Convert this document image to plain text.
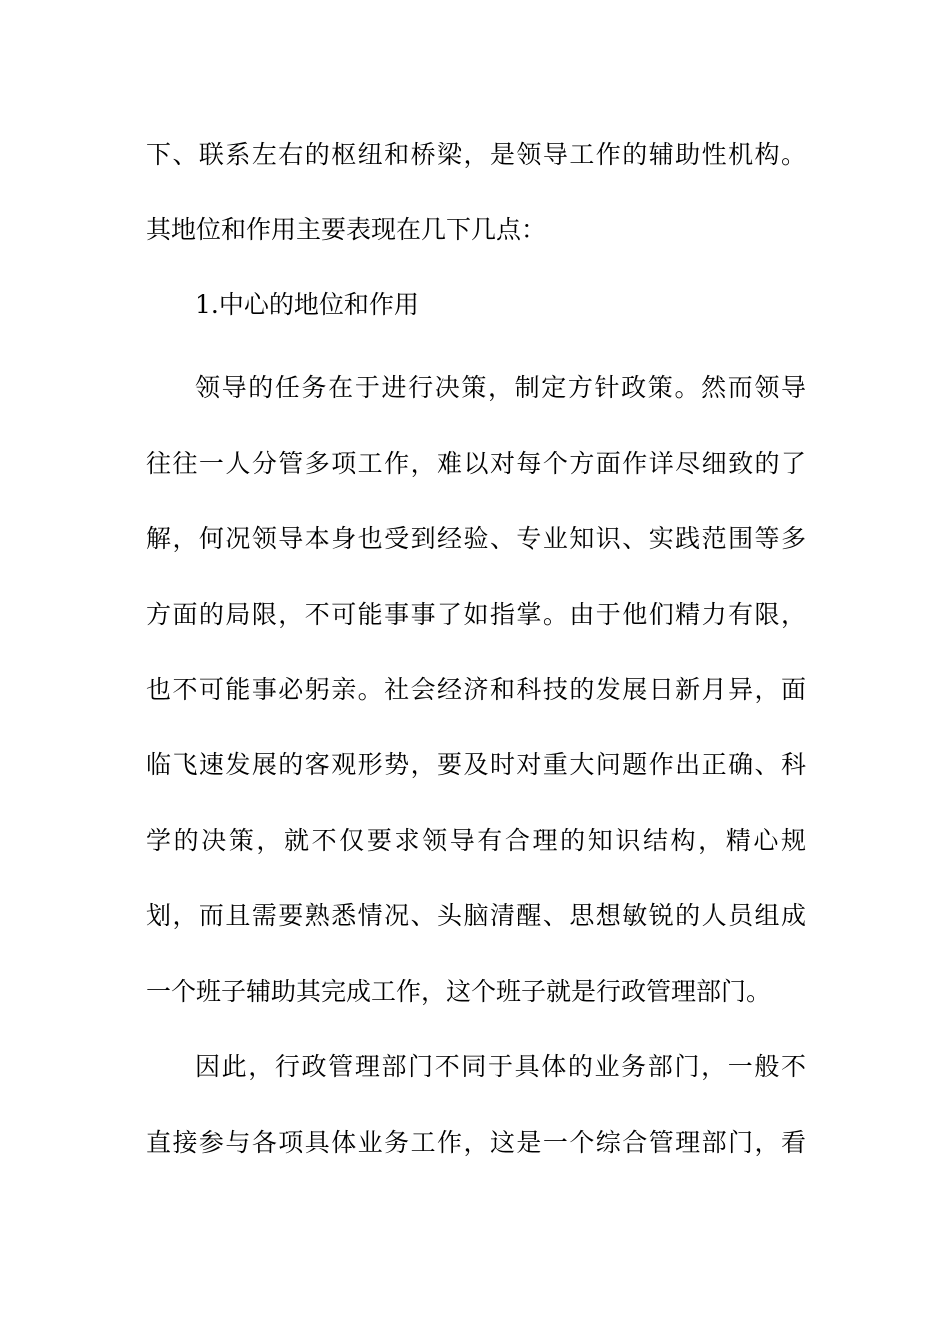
下、联系左右的枢纽和桥梁，是领导工作的辅助性机构。
其地位和作用主要表现在几下几点：
1.中心的地位和作用
领导的任务在于进行决策，制定方针政策。然而领导
往往一人分管多项工作，难以对每个方面作详尽细致的了
解，何况领导本身也受到经验、专业知识、实践范围等多
方面的局限，不可能事事了如指掌。由于他们精力有限，
也不可能事必躬亲。社会经济和科技的发展日新月异，面
临飞速发展的客观形势，要及时对重大问题作出正确、科
学的决策，就不仅要求领导有合理的知识结构，精心规
划，而且需要熟悉情况、头脑清醒、思想敏锐的人员组成
一个班子辅助其完成工作，这个班子就是行政管理部门。
因此，行政管理部门不同于具体的业务部门，一般不
直接参与各项具体业务工作，这是一个综合管理部门，看
